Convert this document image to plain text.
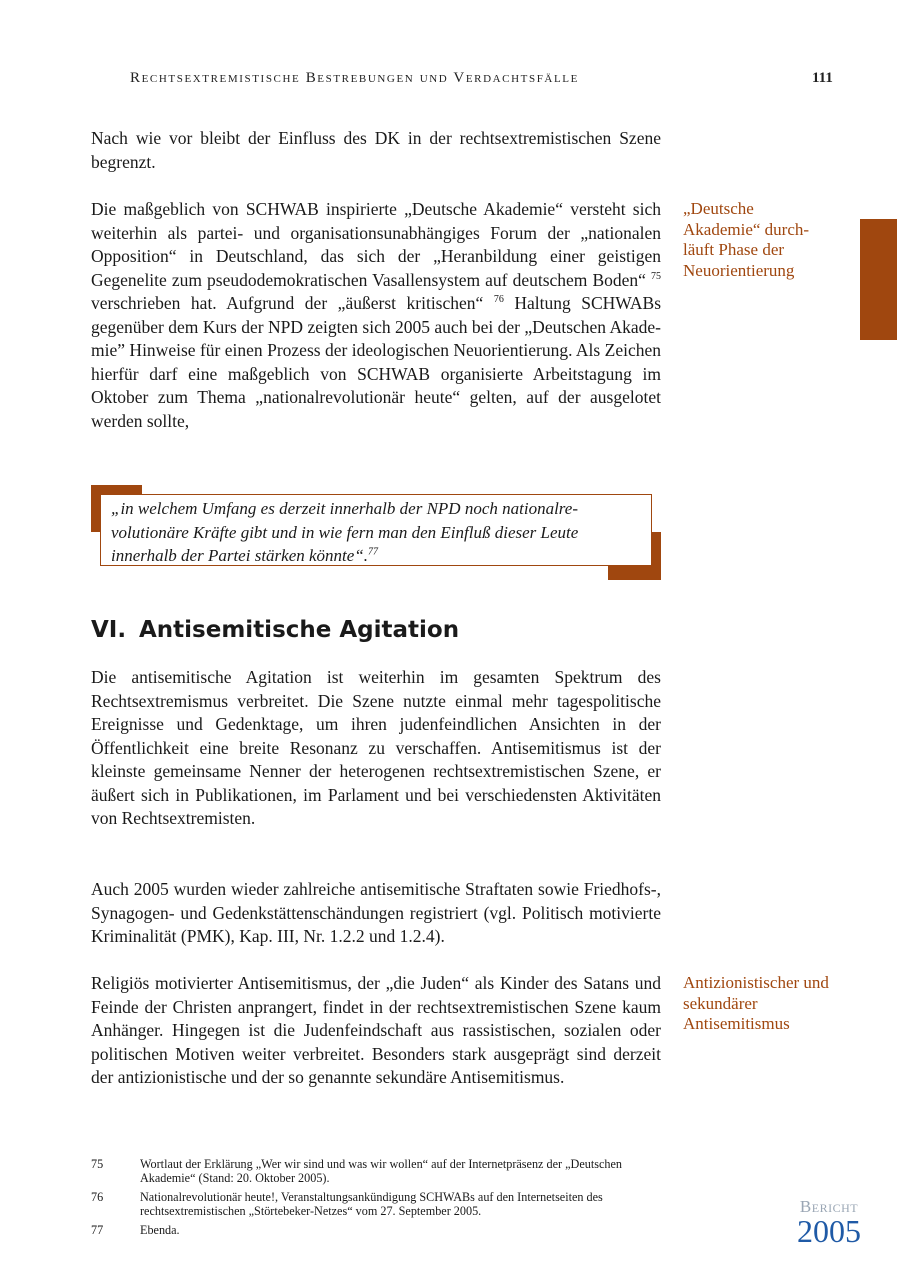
Rechtsextremistische Bestrebungen und Verdachtsfälle	111

Nach wie vor bleibt der Einfluss des DK in der rechtsextremistischen Szene begrenzt.

Die maßgeblich von SCHWAB inspirierte „Deutsche Akademie“ versteht sich weiterhin als partei- und organisationsunabhängiges Forum der „nationalen Opposition“ in Deutschland, das sich der „Heranbildung einer geistigen Gegenelite zum pseudodemokratischen Vasallensystem auf deutschem Boden“ $^{75}$ verschrieben hat. Aufgrund der „äußerst kritischen“ $^{76}$ Haltung SCHWABs gegenüber dem Kurs der NPD zeigten sich 2005 auch bei der „Deutschen Akademie” Hinweise für einen Prozess der ideologischen Neuorientierung. Als Zeichen hierfür darf eine maßgeblich von SCHWAB organisierte Arbeitstagung im Oktober zum Thema „nationalrevolutionär heute“ gelten, auf der ausgelotet werden sollte,

„Deutsche Akademie“ durchläuft Phase der Neuorientierung

„in welchem Umfang es derzeit innerhalb der NPD noch nationalrevolutionäre Kräfte gibt und in wie fern man den Einfluß dieser Leute innerhalb der Partei stärken könnte“.$^{77}$

VI. Antisemitische Agitation

Die antisemitische Agitation ist weiterhin im gesamten Spektrum des Rechtsextremismus verbreitet. Die Szene nutzte einmal mehr tagespolitische Ereignisse und Gedenktage, um ihren judenfeindlichen Ansichten in der Öffentlichkeit eine breite Resonanz zu verschaffen. Antisemitismus ist der kleinste gemeinsame Nenner der heterogenen rechtsextremistischen Szene, er äußert sich in Publikationen, im Parlament und bei verschiedensten Aktivitäten von Rechtsextremisten.

Auch 2005 wurden wieder zahlreiche antisemitische Straftaten sowie Friedhofs-, Synagogen- und Gedenkstättenschändungen registriert (vgl. Politisch motivierte Kriminalität (PMK), Kap. III, Nr. 1.2.2 und 1.2.4).

Religiös motivierter Antisemitismus, der „die Juden“ als Kinder des Satans und Feinde der Christen anprangert, findet in der rechtsextremistischen Szene kaum Anhänger. Hingegen ist die Judenfeindschaft aus rassistischen, sozialen oder politischen Motiven weiter verbreitet. Besonders stark ausgeprägt sind derzeit der antizionistische und der so genannte sekundäre Antisemitismus.

Antizionistischer und sekundärer Antisemitismus

75	Wortlaut der Erklärung „Wer wir sind und was wir wollen“ auf der Internetpräsenz der „Deutschen Akademie“ (Stand: 20. Oktober 2005).
76	Nationalrevolutionär heute!, Veranstaltungsankündigung SCHWABs auf den Internetseiten des rechtsextremistischen „Störtebeker-Netzes“ vom 27. September 2005.
77	Ebenda.
Bericht
2005
